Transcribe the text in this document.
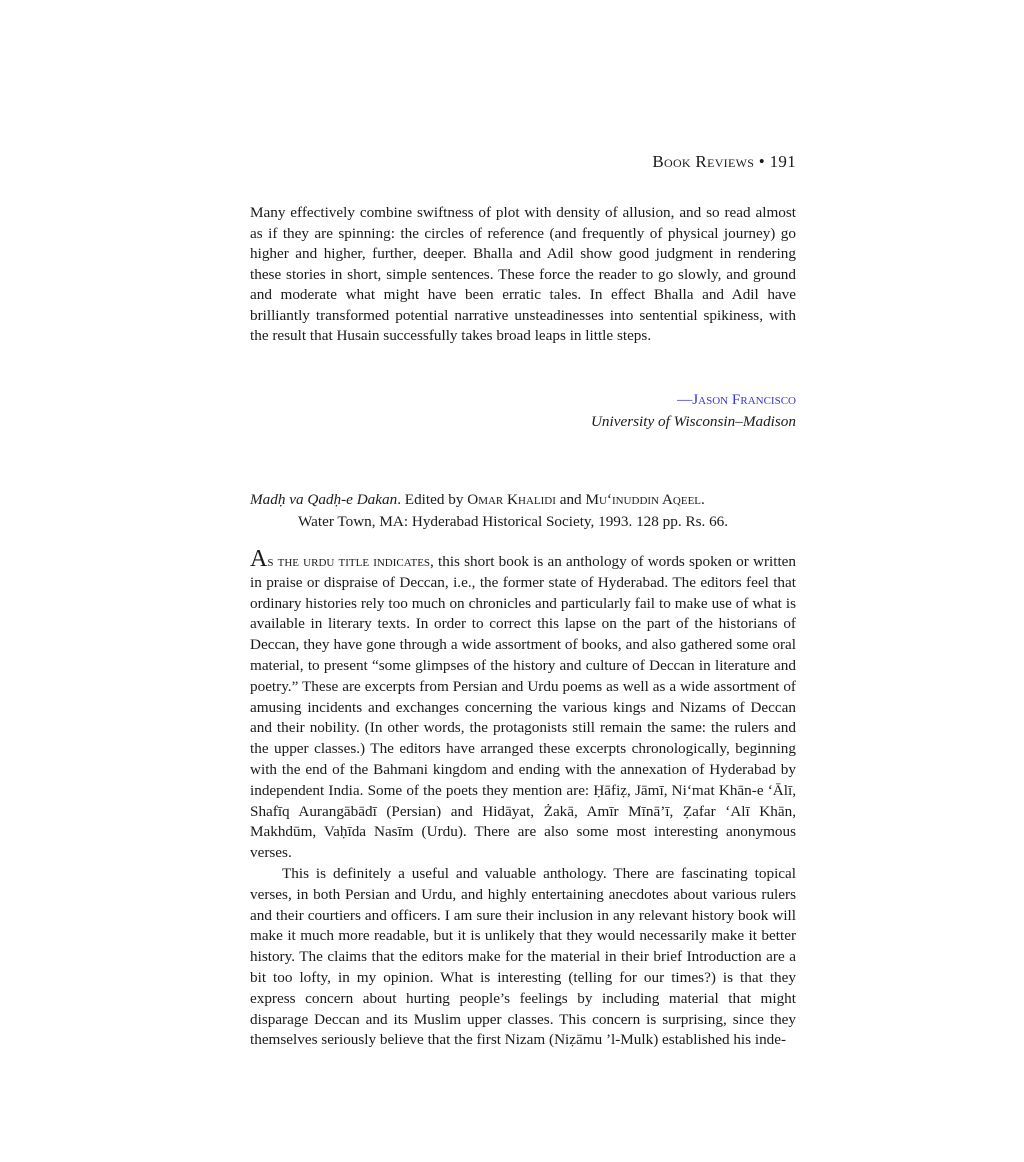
Book Reviews • 191

Many effectively combine swiftness of plot with density of allusion, and so read almost as if they are spinning: the circles of reference (and frequently of physical journey) go higher and higher, further, deeper. Bhalla and Adil show good judgment in rendering these stories in short, simple sentences. These force the reader to go slowly, and ground and moderate what might have been erratic tales. In effect Bhalla and Adil have brilliantly transformed potential narrative unsteadinesses into sentential spikiness, with the result that Husain successfully takes broad leaps in little steps.

—Jason Francisco
University of Wisconsin–Madison
Madḥ va Qadḥ-e Dakan. Edited by Omar Khalidi and Mu‘inuddin Aqeel.
Water Town, MA: Hyderabad Historical Society, 1993. 128 pp. Rs. 66.

As the urdu title indicates, this short book is an anthology of words spoken or written in praise or dispraise of Deccan, i.e., the former state of Hyderabad. The editors feel that ordinary histories rely too much on chronicles and particularly fail to make use of what is available in literary texts. In order to correct this lapse on the part of the historians of Deccan, they have gone through a wide assortment of books, and also gathered some oral material, to present “some glimpses of the history and culture of Deccan in literature and poetry.” These are excerpts from Persian and Urdu poems as well as a wide assortment of amusing incidents and exchanges concerning the various kings and Nizams of Deccan and their nobility. (In other words, the protagonists still remain the same: the rulers and the upper classes.) The editors have arranged these excerpts chronologically, beginning with the end of the Bahmani kingdom and ending with the annexation of Hyderabad by independent India. Some of the poets they mention are: Ḥāfiẓ, Jāmī, Ni‘mat Khān-e ‘Ālī, Shafīq Aurangābādī (Persian) and Hidāyat, Żakā, Amīr Mīnā’ī, Ẓafar ‘Alī Khān, Makhdūm, Vaḥīda Nasīm (Urdu). There are also some most interesting anonymous verses.

This is definitely a useful and valuable anthology. There are fascinating topical verses, in both Persian and Urdu, and highly entertaining anecdotes about various rulers and their courtiers and officers. I am sure their inclusion in any relevant history book will make it much more readable, but it is unlikely that they would necessarily make it better history. The claims that the editors make for the material in their brief Introduction are a bit too lofty, in my opinion. What is interesting (telling for our times?) is that they express concern about hurting people’s feelings by including material that might disparage Deccan and its Muslim upper classes. This concern is surprising, since they themselves seriously believe that the first Nizam (Niẓāmu ’l-Mulk) established his inde-
